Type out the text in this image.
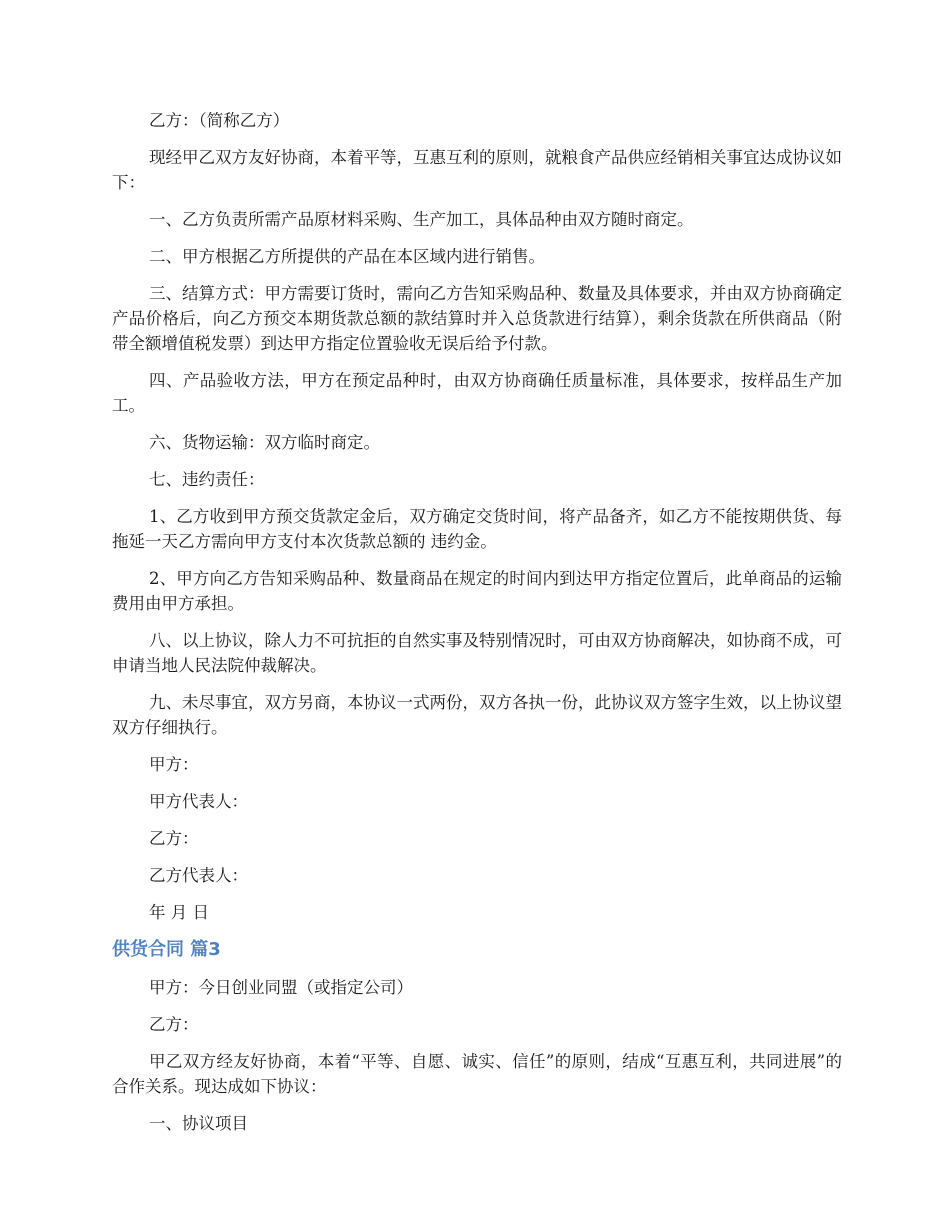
乙方：（简称乙方）

现经甲乙双方友好协商，本着平等，互惠互利的原则，就粮食产品供应经销相关事宜达成协议如下：

一、乙方负责所需产品原材料采购、生产加工，具体品种由双方随时商定。

二、甲方根据乙方所提供的产品在本区域内进行销售。

三、结算方式：甲方需要订货时，需向乙方告知采购品种、数量及具体要求，并由双方协商确定产品价格后，向乙方预交本期货款总额的款结算时并入总货款进行结算），剩余货款在所供商品（附带全额增值税发票）到达甲方指定位置验收无误后给予付款。

四、产品验收方法，甲方在预定品种时，由双方协商确任质量标准，具体要求，按样品生产加工。

六、货物运输：双方临时商定。

七、违约责任：

1、乙方收到甲方预交货款定金后，双方确定交货时间，将产品备齐，如乙方不能按期供货、每拖延一天乙方需向甲方支付本次货款总额的 违约金。

2、甲方向乙方告知采购品种、数量商品在规定的时间内到达甲方指定位置后，此单商品的运输费用由甲方承担。

八、以上协议，除人力不可抗拒的自然实事及特别情况时，可由双方协商解决，如协商不成，可申请当地人民法院仲裁解决。

九、未尽事宜，双方另商，本协议一式两份，双方各执一份，此协议双方签字生效，以上协议望双方仔细执行。

甲方：

甲方代表人：

乙方：

乙方代表人：

年 月 日

供货合同 篇3

甲方：今日创业同盟（或指定公司）

乙方：

甲乙双方经友好协商，本着“平等、自愿、诚实、信任”的原则，结成“互惠互利，共同进展”的合作关系。现达成如下协议：

一、协议项目
